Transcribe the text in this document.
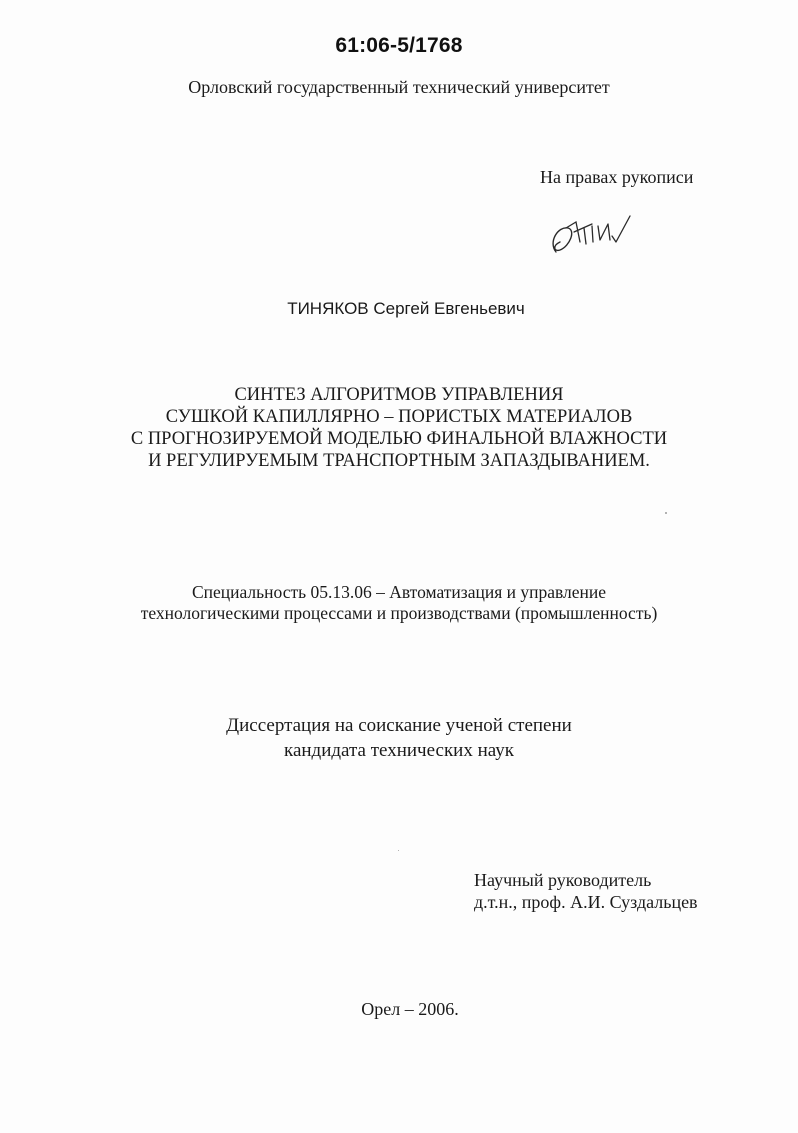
61:06-5/1768
Орловский государственный технический университет
На правах рукописи
ТИНЯКОВ Сергей Евгеньевич
СИНТЕЗ АЛГОРИТМОВ УПРАВЛЕНИЯ
СУШКОЙ КАПИЛЛЯРНО – ПОРИСТЫХ МАТЕРИАЛОВ
С ПРОГНОЗИРУЕМОЙ МОДЕЛЬЮ ФИНАЛЬНОЙ ВЛАЖНОСТИ
И РЕГУЛИРУЕМЫМ ТРАНСПОРТНЫМ ЗАПАЗДЫВАНИЕМ.
Специальность 05.13.06 – Автоматизация и управление
технологическими процессами и производствами (промышленность)
Диссертация на соискание ученой степени
кандидата технических наук
Научный руководитель
д.т.н., проф. А.И. Суздальцев
Орел – 2006.
